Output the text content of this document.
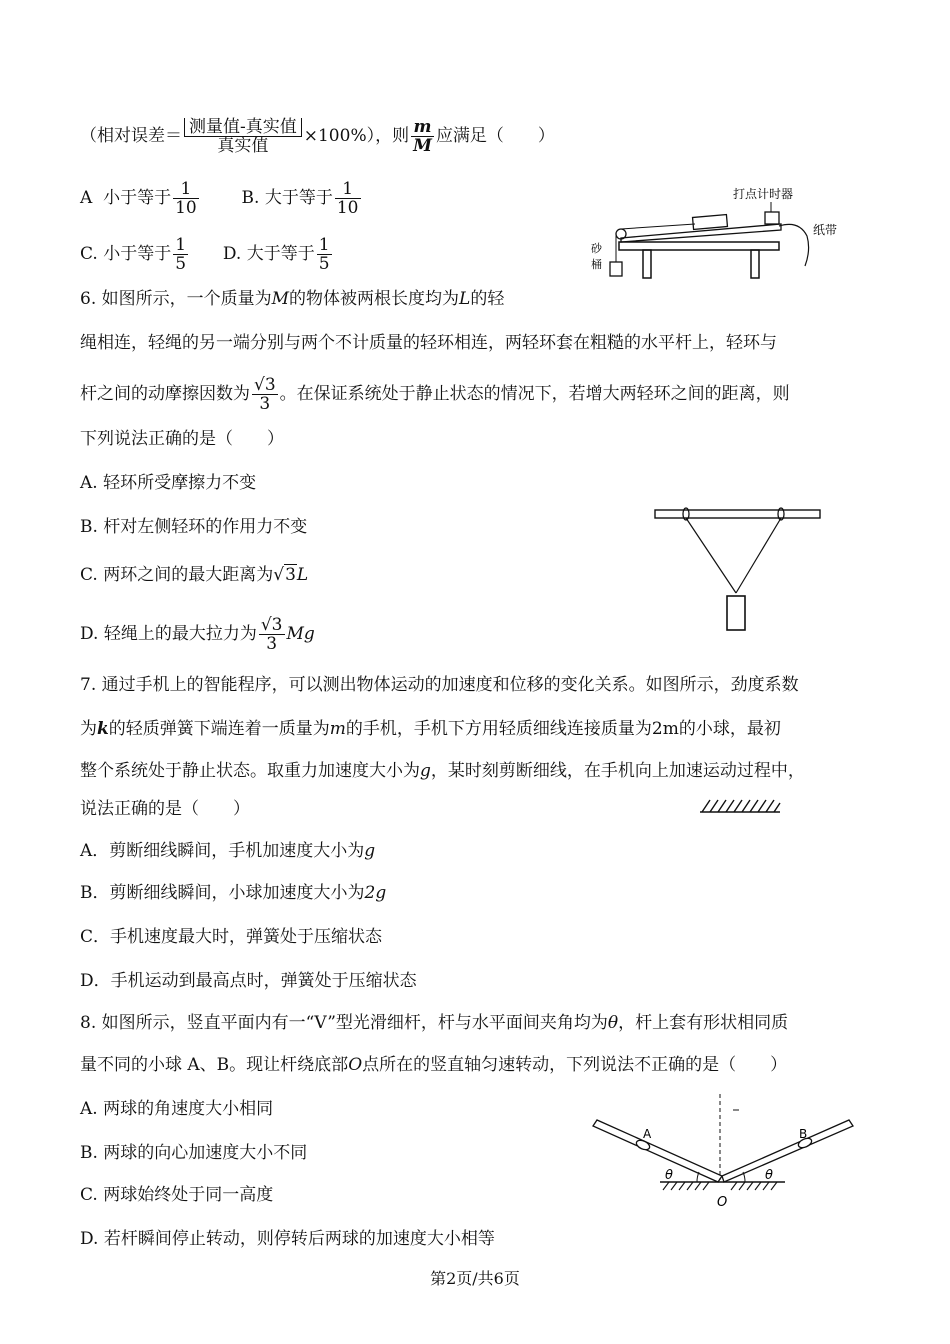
（相对误差＝ $\frac{\text{测量值-真实值}}{\text{真实值}} \times 100\%$），则 $\frac{m}{M}$ 应满足（　　）
A 小于等于 $\frac{1}{10}$	B. 大于等于 $\frac{1}{10}$
C. 小于等于 $\frac{1}{5} D$. 大于等于 $\frac{1}{5}$
打点计时器
纸带
砂
桶
6. 如图所示，一个质量为M的物体被两根长度均为L的轻
绳相连，轻绳的另一端分别与两个不计质量的轻环相连，两轻环套在粗糙的水平杆上，轻环与
杆之间的动摩擦因数为 $\frac{√3}{3}$ 。在保证系统处于静止状态的情况下，若增大两轻环之间的距离，则
下列说法正确的是（　　）
A. 轻环所受摩擦力不变
B. 杆对左侧轻环的作用力不变
C. 两环之间的最大距离为√3L
D. 轻绳上的最大拉力为 $\frac{√3}{3}$ Mg
7. 通过手机上的智能程序，可以测出物体运动的加速度和位移的变化关系。如图所示，劲度系数
为k的轻质弹簧下端连着一质量为m的手机，手机下方用轻质细线连接质量为2m的小球，最初
整个系统处于静止状态。取重力加速度大小为g，某时刻剪断细线，在手机向上加速运动过程中，
说法正确的是（　　）
A．剪断细线瞬间，手机加速度大小为g
B．剪断细线瞬间，小球加速度大小为2g
C．手机速度最大时，弹簧处于压缩状态
D．手机运动到最高点时，弹簧处于压缩状态
8. 如图所示，竖直平面内有一“V”型光滑细杆，杆与水平面间夹角均为θ，杆上套有形状相同质
量不同的小球 A、B。现让杆绕底部O点所在的竖直轴匀速转动，下列说法不正确的是（　　）
A. 两球的角速度大小相同
B. 两球的向心加速度大小不同
C. 两球始终处于同一高度
D. 若杆瞬间停止转动，则停转后两球的加速度大小相等
A	B
θ	θ
O
第2页/共6页
